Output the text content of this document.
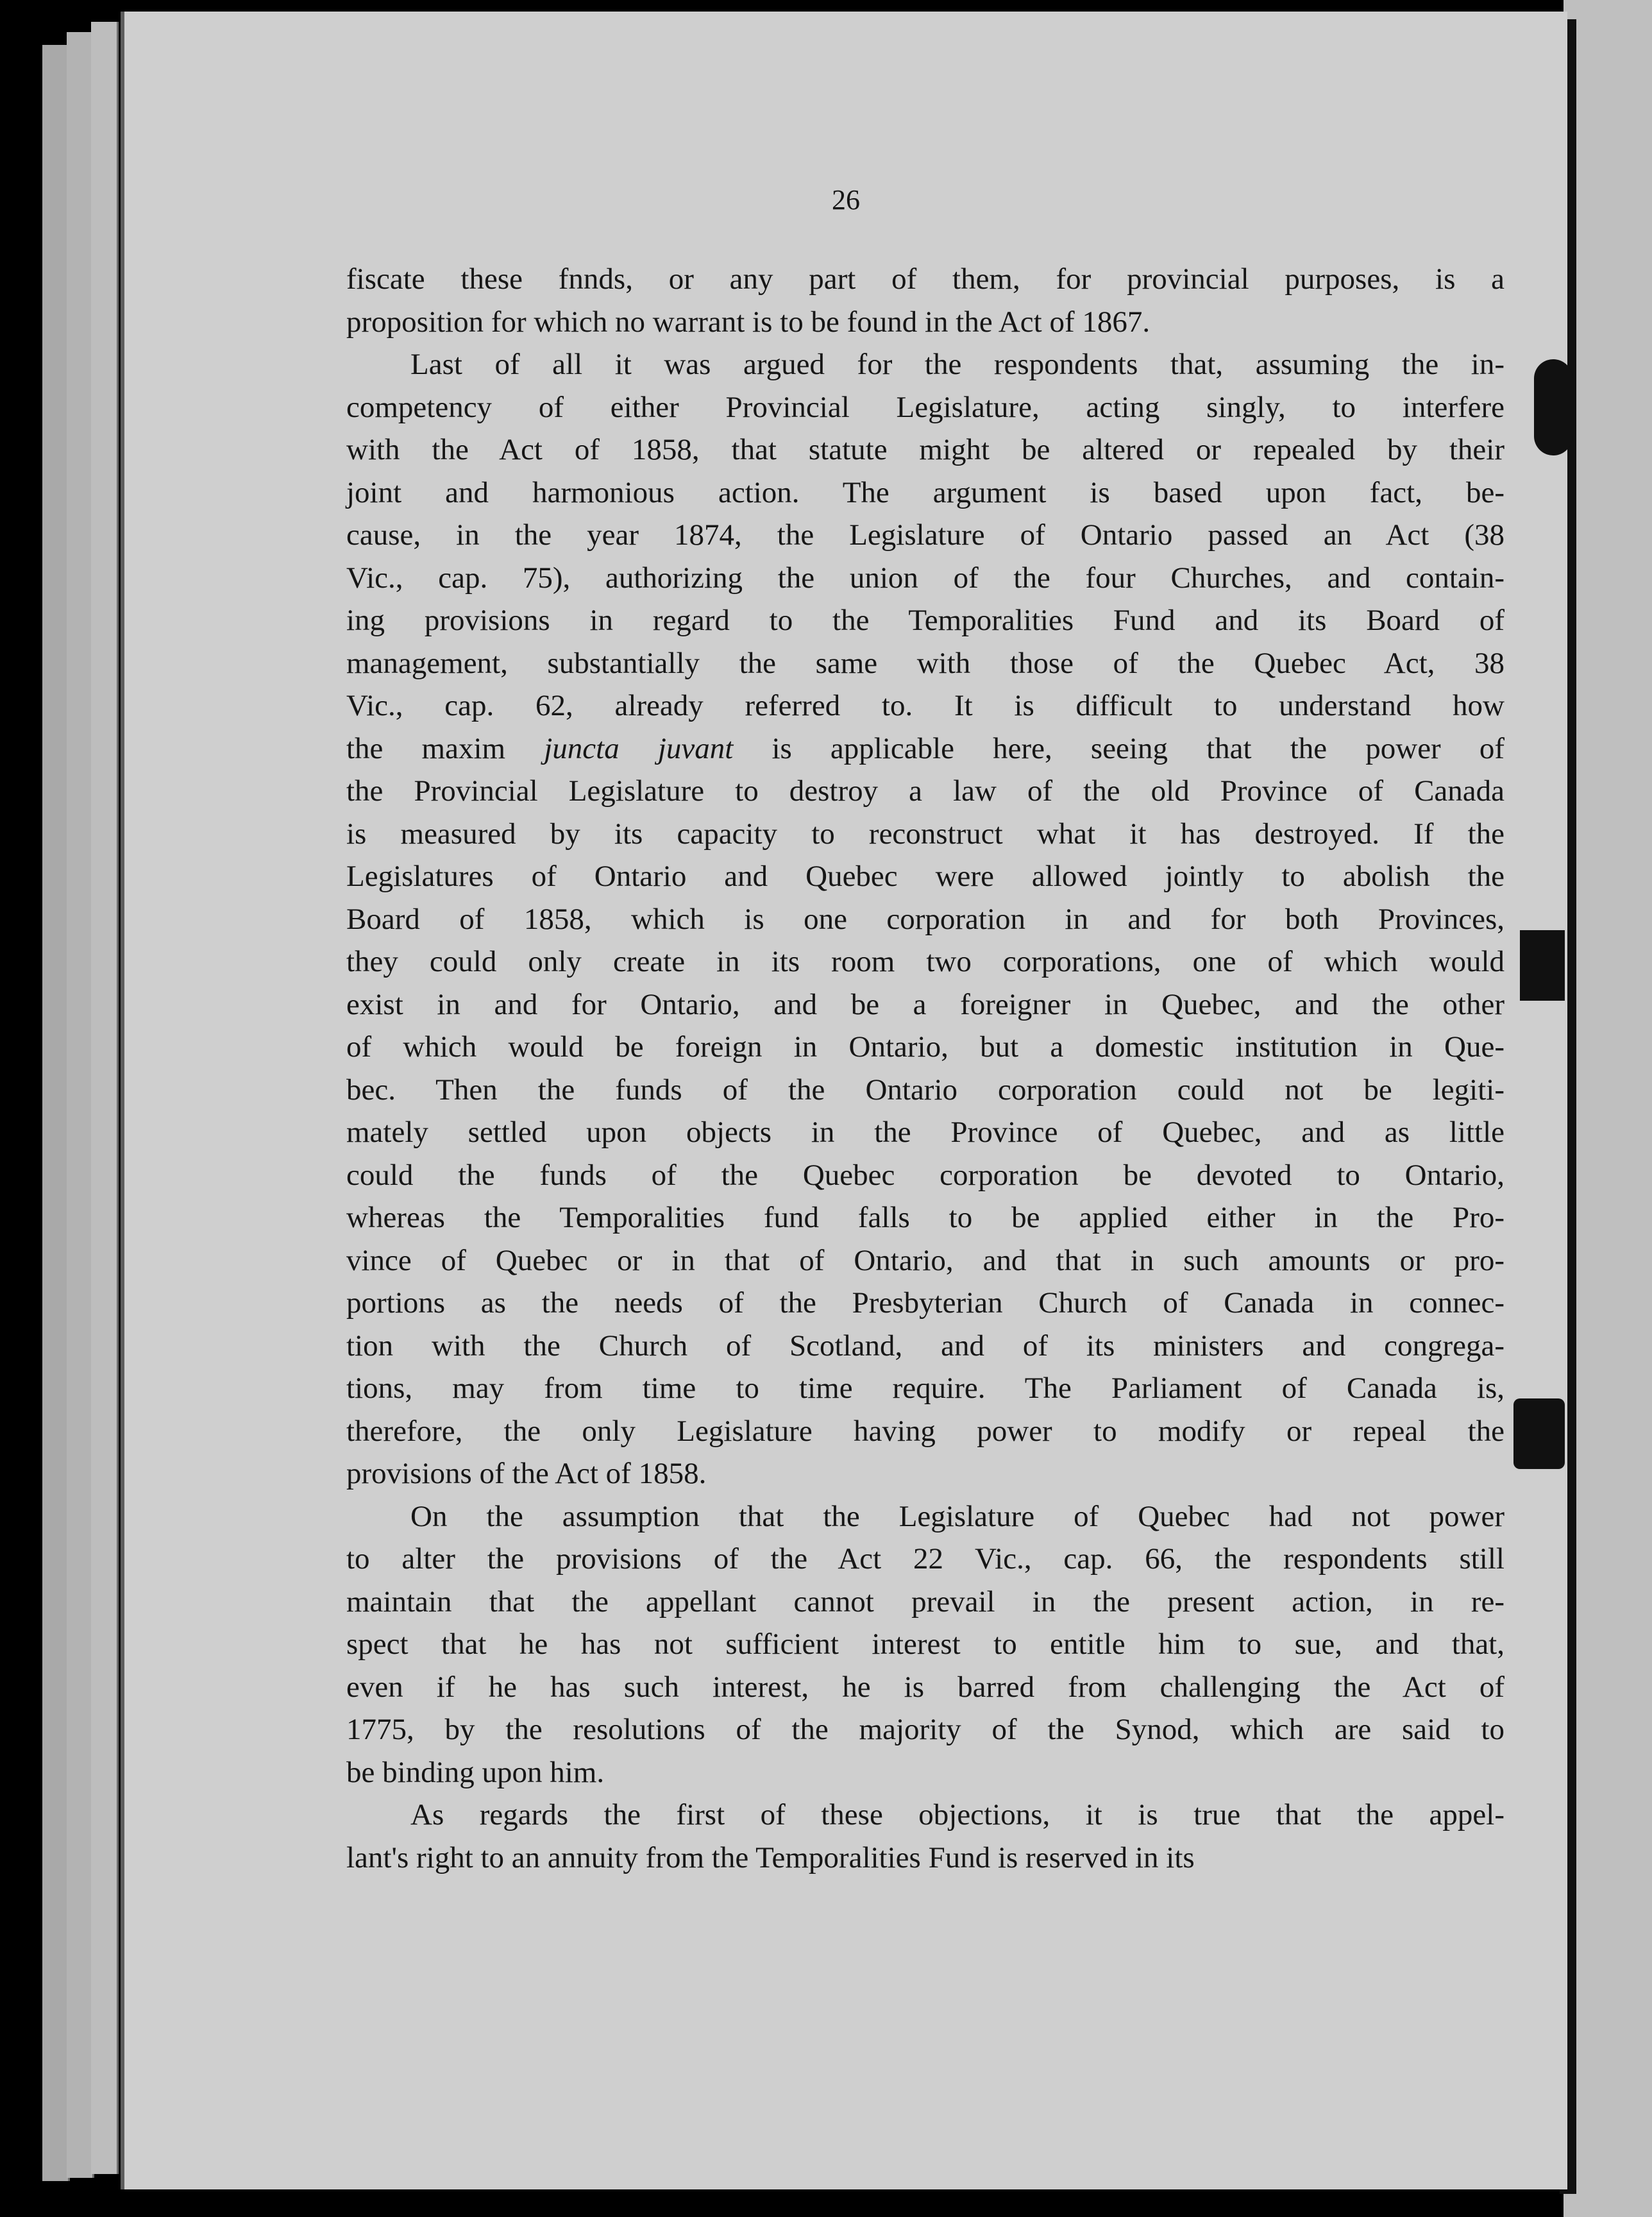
26
fiscate these fnnds, or any part of them, for provincial purposes, is a
proposition for which no warrant is to be found in the Act of 1867.
Last of all it was argued for the respondents that, assuming the in-
competency of either Provincial Legislature, acting singly, to interfere
with the Act of 1858, that statute might be altered or repealed by their
joint and harmonious action. The argument is based upon fact, be-
cause, in the year 1874, the Legislature of Ontario passed an Act (38
Vic., cap. 75), authorizing the union of the four Churches, and contain-
ing provisions in regard to the Temporalities Fund and its Board of
management, substantially the same with those of the Quebec Act, 38
Vic., cap. 62, already referred to. It is difficult to understand how
the maxim juncta juvant is applicable here, seeing that the power of
the Provincial Legislature to destroy a law of the old Province of Canada
is measured by its capacity to reconstruct what it has destroyed. If the
Legislatures of Ontario and Quebec were allowed jointly to abolish the
Board of 1858, which is one corporation in and for both Provinces,
they could only create in its room two corporations, one of which would
exist in and for Ontario, and be a foreigner in Quebec, and the other
of which would be foreign in Ontario, but a domestic institution in Que-
bec. Then the funds of the Ontario corporation could not be legiti-
mately settled upon objects in the Province of Quebec, and as little
could the funds of the Quebec corporation be devoted to Ontario,
whereas the Temporalities fund falls to be applied either in the Pro-
vince of Quebec or in that of Ontario, and that in such amounts or pro-
portions as the needs of the Presbyterian Church of Canada in connec-
tion with the Church of Scotland, and of its ministers and congrega-
tions, may from time to time require. The Parliament of Canada is,
therefore, the only Legislature having power to modify or repeal the
provisions of the Act of 1858.
On the assumption that the Legislature of Quebec had not power
to alter the provisions of the Act 22 Vic., cap. 66, the respondents still
maintain that the appellant cannot prevail in the present action, in re-
spect that he has not sufficient interest to entitle him to sue, and that,
even if he has such interest, he is barred from challenging the Act of
1775, by the resolutions of the majority of the Synod, which are said to
be binding upon him.
As regards the first of these objections, it is true that the appel-
lant's right to an annuity from the Temporalities Fund is reserved in its
